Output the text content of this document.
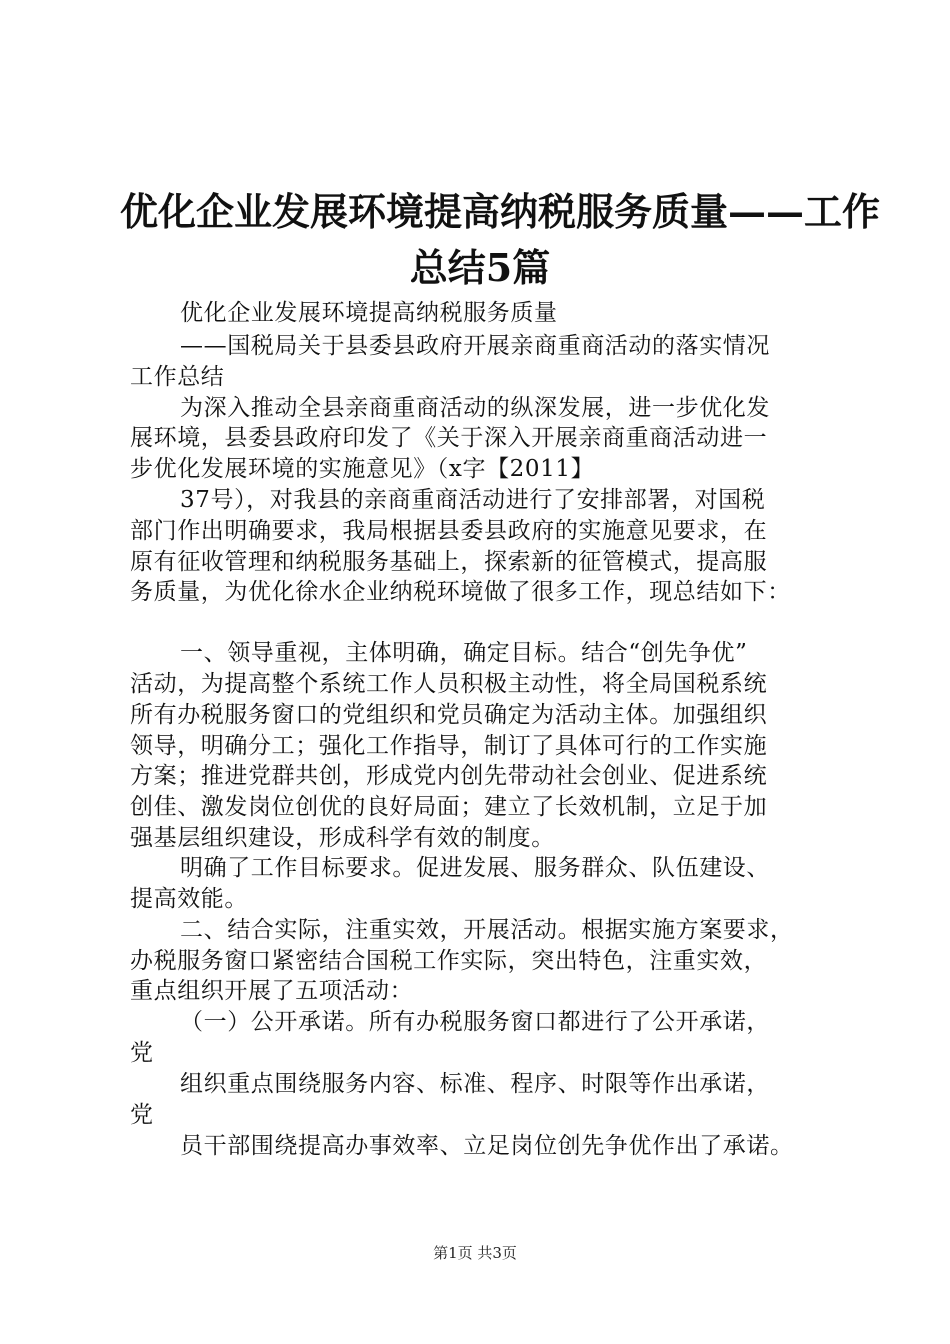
优化企业发展环境提高纳税服务质量——工作
总结5篇
优化企业发展环境提高纳税服务质量
——国税局关于县委县政府开展亲商重商活动的落实情况
工作总结
为深入推动全县亲商重商活动的纵深发展，进一步优化发
展环境，县委县政府印发了《关于深入开展亲商重商活动进一
步优化发展环境的实施意见》（x字【2011】
37号），对我县的亲商重商活动进行了安排部署，对国税
部门作出明确要求，我局根据县委县政府的实施意见要求，在
原有征收管理和纳税服务基础上，探索新的征管模式，提高服
务质量，为优化徐水企业纳税环境做了很多工作，现总结如下：
一、领导重视，主体明确，确定目标。结合“创先争优”
活动，为提高整个系统工作人员积极主动性，将全局国税系统
所有办税服务窗口的党组织和党员确定为活动主体。加强组织
领导，明确分工；强化工作指导，制订了具体可行的工作实施
方案；推进党群共创，形成党内创先带动社会创业、促进系统
创佳、激发岗位创优的良好局面；建立了长效机制，立足于加
强基层组织建设，形成科学有效的制度。
明确了工作目标要求。促进发展、服务群众、队伍建设、
提高效能。
二、结合实际，注重实效，开展活动。根据实施方案要求，
办税服务窗口紧密结合国税工作实际，突出特色，注重实效，
重点组织开展了五项活动：
（一）公开承诺。所有办税服务窗口都进行了公开承诺，
党
组织重点围绕服务内容、标准、程序、时限等作出承诺，
党
员干部围绕提高办事效率、立足岗位创先争优作出了承诺。
第1页 共3页
